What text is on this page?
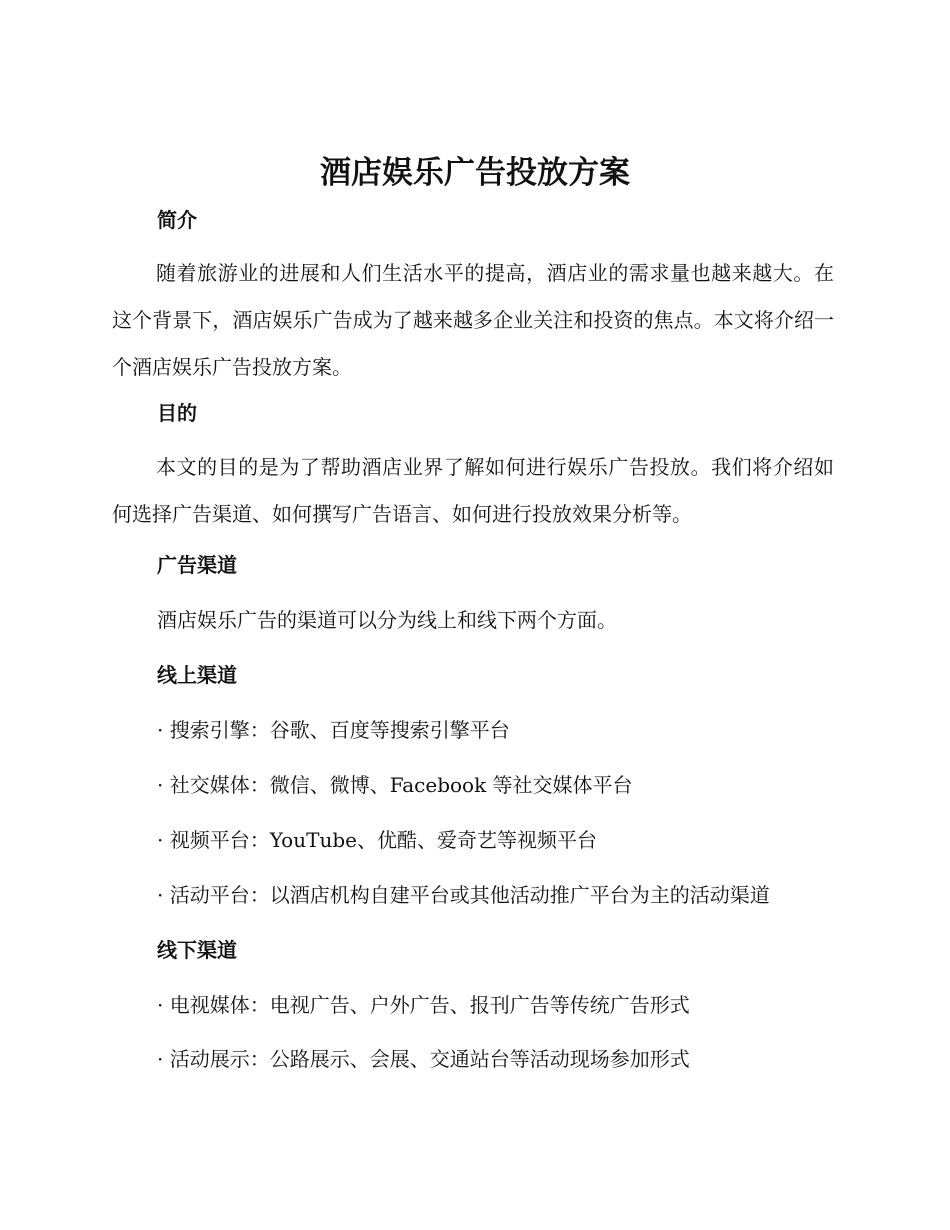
酒店娱乐广告投放方案
简介

随着旅游业的进展和人们生活水平的提高，酒店业的需求量也越来越大。在这个背景下，酒店娱乐广告成为了越来越多企业关注和投资的焦点。本文将介绍一个酒店娱乐广告投放方案。

目的

本文的目的是为了帮助酒店业界了解如何进行娱乐广告投放。我们将介绍如何选择广告渠道、如何撰写广告语言、如何进行投放效果分析等。

广告渠道

酒店娱乐广告的渠道可以分为线上和线下两个方面。

线上渠道

· 搜索引擎：谷歌、百度等搜索引擎平台

· 社交媒体：微信、微博、Facebook 等社交媒体平台

· 视频平台：YouTube、优酷、爱奇艺等视频平台

· 活动平台：以酒店机构自建平台或其他活动推广平台为主的活动渠道

线下渠道

· 电视媒体：电视广告、户外广告、报刊广告等传统广告形式

· 活动展示：公路展示、会展、交通站台等活动现场参加形式
